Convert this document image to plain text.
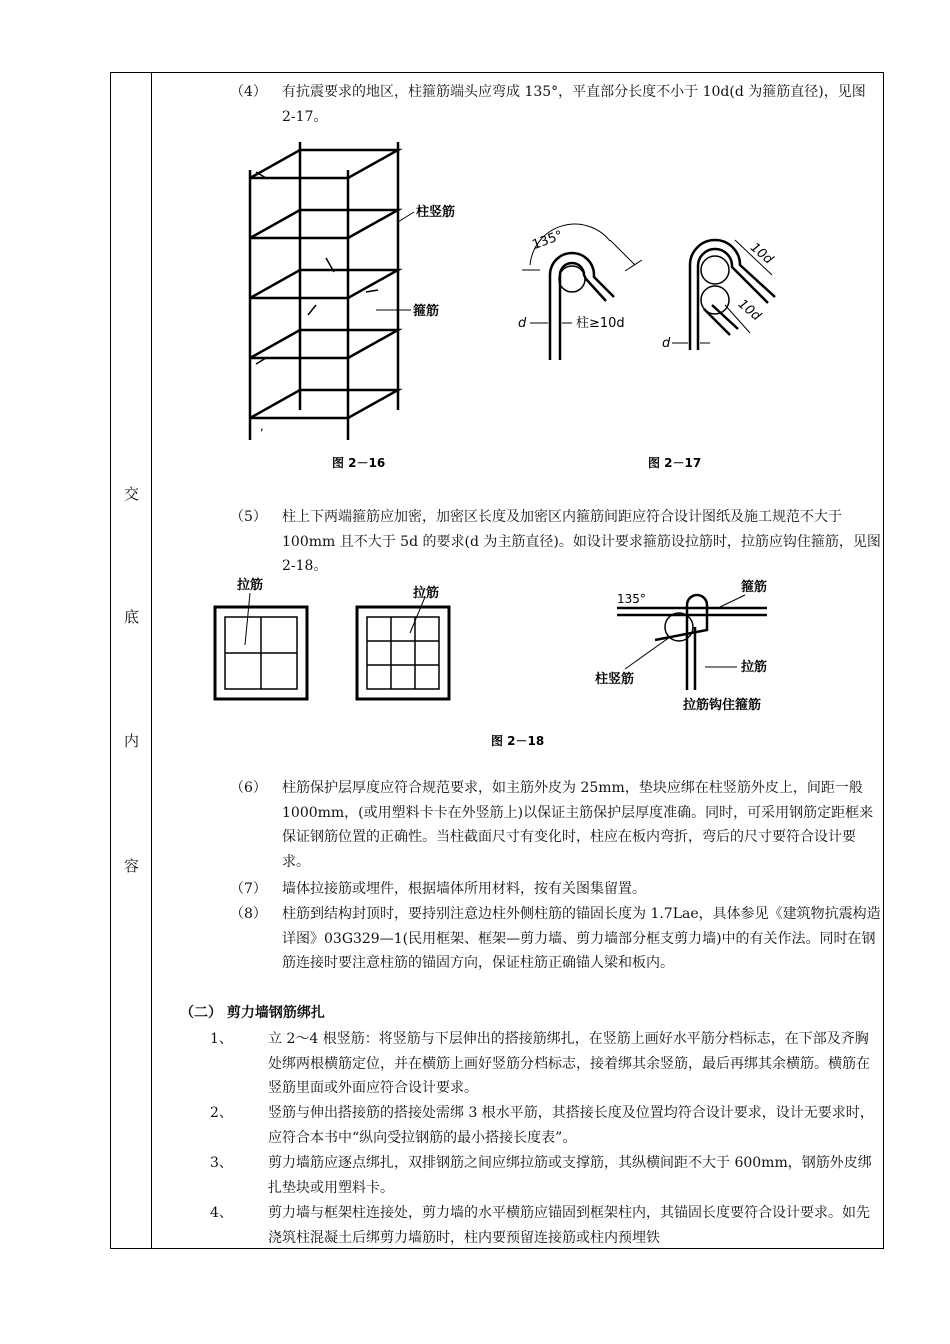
交
底
内
容
（4） 有抗震要求的地区，柱箍筋端头应弯成 135°，平直部分长度不小于 10d(d 为箍筋直径)，见图 2-17。
,
柱竖筋
箍筋
图 2－16
135°
d	柱≥10d
10d
10d
d
图 2－17
（5） 柱上下两端箍筋应加密，加密区长度及加密区内箍筋间距应符合设计图纸及施工规范不大于 100mm 且不大于 5d 的要求(d 为主筋直径)。如设计要求箍筋设拉筋时，拉筋应钩住箍筋，见图 2-18。
拉筋
拉筋	135°
箍筋
拉筋
柱竖筋
拉筋钩住箍筋
图 2－18
（6） 柱筋保护层厚度应符合规范要求，如主筋外皮为 25mm，垫块应绑在柱竖筋外皮上，间距一般 1000mm，(或用塑料卡卡在外竖筋上)以保证主筋保护层厚度准确。同时，可采用钢筋定距框来保证钢筋位置的正确性。当柱截面尺寸有变化时，柱应在板内弯折，弯后的尺寸要符合设计要求。
（7） 墙体拉接筋或埋件，根据墙体所用材料，按有关图集留置。
（8） 柱筋到结构封顶时，要持别注意边柱外侧柱筋的锚固长度为 1.7Lae，具体参见《建筑物抗震构造详图》03G329—1(民用框架、框架—剪力墙、剪力墙部分框支剪力墙)中的有关作法。同时在钢筋连接时要注意柱筋的锚固方向，保证柱筋正确锚人梁和板内。
（二） 剪力墙钢筋绑扎
1、	立 2～4 根竖筋：将竖筋与下层伸出的搭接筋绑扎，在竖筋上画好水平筋分档标志，在下部及齐胸处绑两根横筋定位，并在横筋上画好竖筋分档标志，接着绑其余竖筋，最后再绑其余横筋。横筋在竖筋里面或外面应符合设计要求。
2、	竖筋与伸出搭接筋的搭接处需绑 3 根水平筋，其搭接长度及位置均符合设计要求，设计无要求时，应符合本书中“纵向受拉钢筋的最小搭接长度表”。
3、	剪力墙筋应逐点绑扎，双排钢筋之间应绑拉筋或支撑筋，其纵横间距不大于 600mm，钢筋外皮绑扎垫块或用塑料卡。
4、	剪力墙与框架柱连接处，剪力墙的水平横筋应锚固到框架柱内，其锚固长度要符合设计要求。如先浇筑柱混凝土后绑剪力墙筋时，柱内要预留连接筋或柱内预埋铁
